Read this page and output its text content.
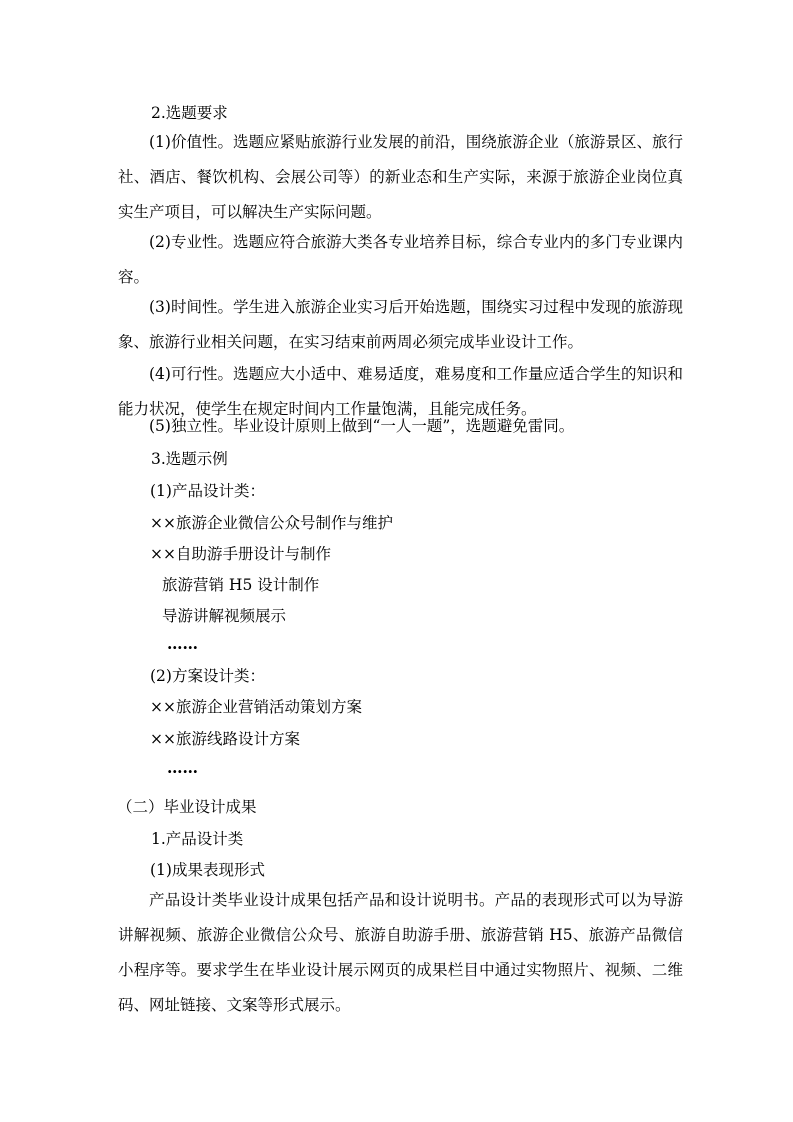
2.选题要求
(1)价值性。选题应紧贴旅游行业发展的前沿，围绕旅游企业（旅游景区、旅行社、酒店、餐饮机构、会展公司等）的新业态和生产实际，来源于旅游企业岗位真实生产项目，可以解决生产实际问题。
(2)专业性。选题应符合旅游大类各专业培养目标，综合专业内的多门专业课内容。
(3)时间性。学生进入旅游企业实习后开始选题，围绕实习过程中发现的旅游现象、旅游行业相关问题，在实习结束前两周必须完成毕业设计工作。
(4)可行性。选题应大小适中、难易适度，难易度和工作量应适合学生的知识和能力状况，使学生在规定时间内工作量饱满，且能完成任务。
(5)独立性。毕业设计原则上做到“一人一题”，选题避免雷同。
3.选题示例
(1)产品设计类：
××旅游企业微信公众号制作与维护
××自助游手册设计与制作
旅游营销 H5 设计制作
导游讲解视频展示
……
(2)方案设计类：
××旅游企业营销活动策划方案
××旅游线路设计方案
……
（二）毕业设计成果
1.产品设计类
(1)成果表现形式
产品设计类毕业设计成果包括产品和设计说明书。产品的表现形式可以为导游讲解视频、旅游企业微信公众号、旅游自助游手册、旅游营销 H5、旅游产品微信小程序等。要求学生在毕业设计展示网页的成果栏目中通过实物照片、视频、二维码、网址链接、文案等形式展示。
